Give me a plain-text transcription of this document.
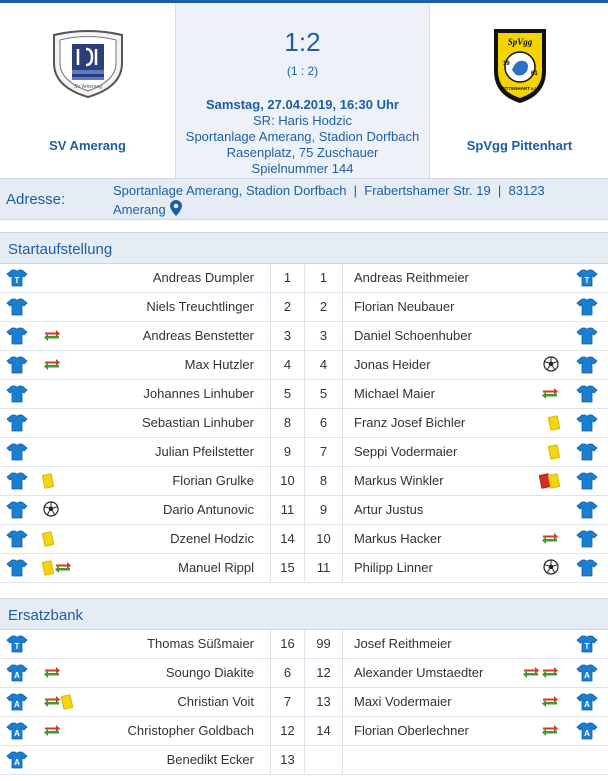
SV Amerang
SV Amerang
1:2
(1 : 2)
Samstag, 27.04.2019, 16:30 Uhr
SR: Haris Hodzic
Sportanlage Amerang, Stadion Dorfbach
Rasenplatz, 75 Zuschauer
Spielnummer 144
SpVgg
19
61
PITTENHART e.V.
SpVgg Pittenhart
Adresse:
Sportanlage Amerang, Stadion Dorfbach  |  Frabertshamer Str. 19  |  83123
Amerang
Startaufstellung
T	Andreas Dumpler	1	1	Andreas Reithmeier	T
Niels Treuchtlinger	2	2	Florian Neubauer
Andreas Benstetter	3	3	Daniel Schoenhuber
Max Hutzler	4	4	Jonas Heider
Johannes Linhuber	5	5	Michael Maier
Sebastian Linhuber	8	6	Franz Josef Bichler
Julian Pfeilstetter	9	7	Seppi Vodermaier
Florian Grulke	10	8	Markus Winkler
Dario Antunovic	11	9	Artur Justus
Dzenel Hodzic	14	10	Markus Hacker
Manuel Rippl	15	11	Philipp Linner
Ersatzbank
T	Thomas Süßmaier	16	99	Josef Reithmeier	T
A	Soungo Diakite	6	12	Alexander Umstaedter	A
A	Christian Voit	7	13	Maxi Vodermaier	A
A	Christopher Goldbach	12	14	Florian Oberlechner	A
A	Benedikt Ecker	13
